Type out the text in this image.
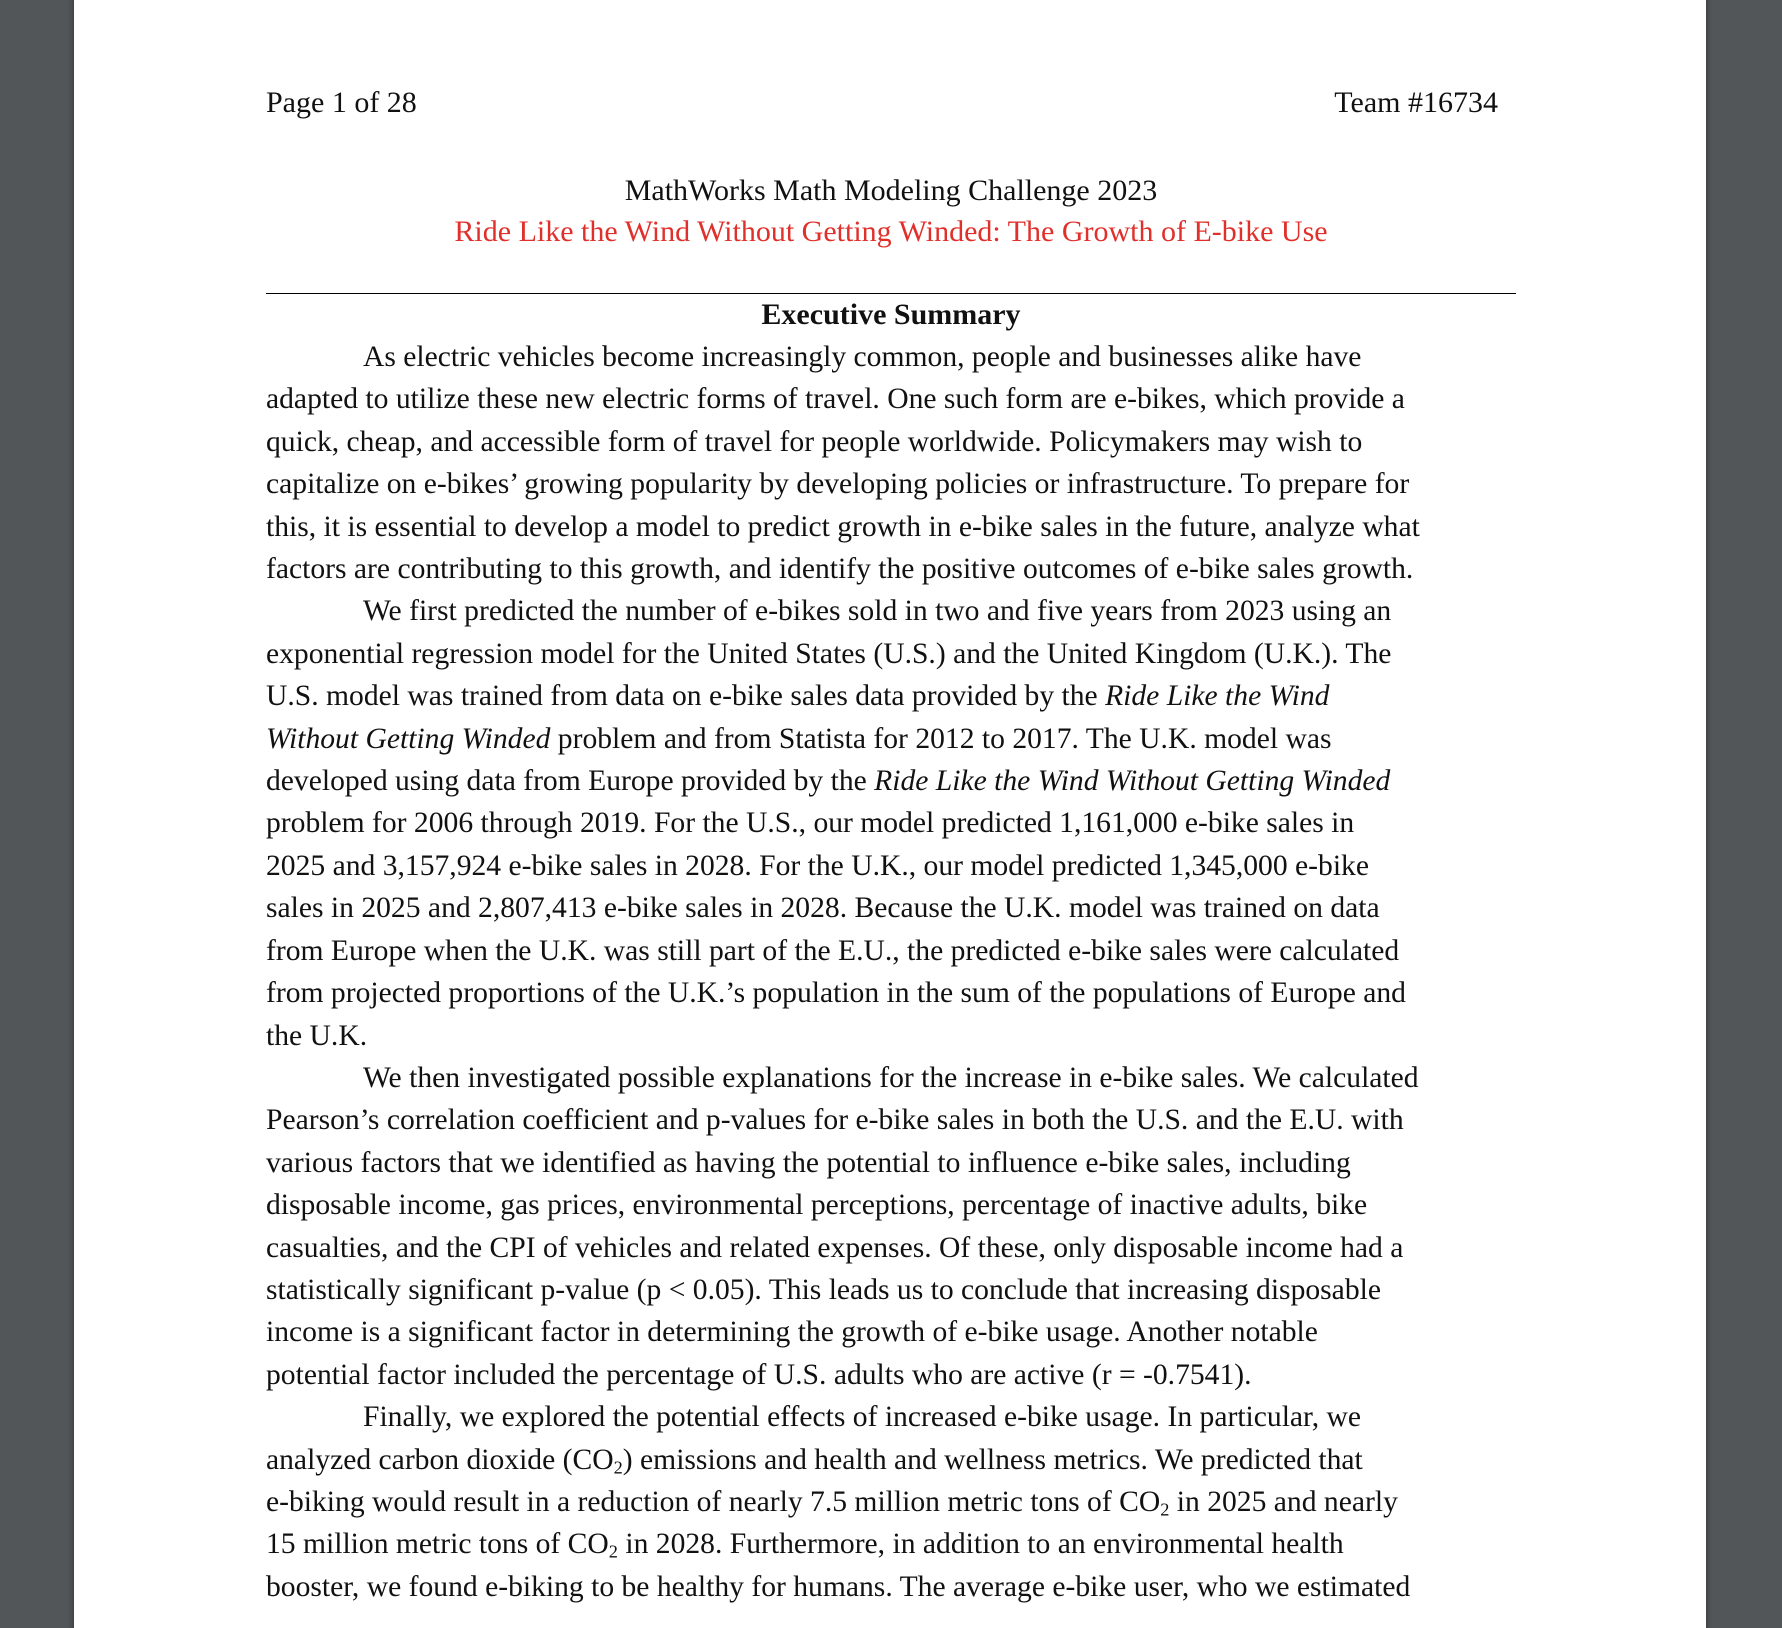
Page 1 of 28	Team #16734
MathWorks Math Modeling Challenge 2023
Ride Like the Wind Without Getting Winded: The Growth of E-bike Use
Executive Summary
As electric vehicles become increasingly common, people and businesses alike have
adapted to utilize these new electric forms of travel. One such form are e-bikes, which provide a
quick, cheap, and accessible form of travel for people worldwide. Policymakers may wish to
capitalize on e-bikes’ growing popularity by developing policies or infrastructure. To prepare for
this, it is essential to develop a model to predict growth in e-bike sales in the future, analyze what
factors are contributing to this growth, and identify the positive outcomes of e-bike sales growth.
We first predicted the number of e-bikes sold in two and five years from 2023 using an
exponential regression model for the United States (U.S.) and the United Kingdom (U.K.). The
U.S. model was trained from data on e-bike sales data provided by the Ride Like the Wind
Without Getting Winded problem and from Statista for 2012 to 2017. The U.K. model was
developed using data from Europe provided by the Ride Like the Wind Without Getting Winded
problem for 2006 through 2019. For the U.S., our model predicted 1,161,000 e-bike sales in
2025 and 3,157,924 e-bike sales in 2028. For the U.K., our model predicted 1,345,000 e-bike
sales in 2025 and 2,807,413 e-bike sales in 2028. Because the U.K. model was trained on data
from Europe when the U.K. was still part of the E.U., the predicted e-bike sales were calculated
from projected proportions of the U.K.’s population in the sum of the populations of Europe and
the U.K.
We then investigated possible explanations for the increase in e-bike sales. We calculated
Pearson’s correlation coefficient and p-values for e-bike sales in both the U.S. and the E.U. with
various factors that we identified as having the potential to influence e-bike sales, including
disposable income, gas prices, environmental perceptions, percentage of inactive adults, bike
casualties, and the CPI of vehicles and related expenses. Of these, only disposable income had a
statistically significant p-value (p < 0.05). This leads us to conclude that increasing disposable
income is a significant factor in determining the growth of e-bike usage. Another notable
potential factor included the percentage of U.S. adults who are active (r = -0.7541).
Finally, we explored the potential effects of increased e-bike usage. In particular, we
analyzed carbon dioxide $(CO_2)$ emissions and health and wellness metrics. We predicted that
e-biking would result in a reduction of nearly 7.5 million metric tons of $CO_2$ in 2025 and nearly
15 million metric tons of $CO_2$ in 2028. Furthermore, in addition to an environmental health
booster, we found e-biking to be healthy for humans. The average e-bike user, who we estimated
